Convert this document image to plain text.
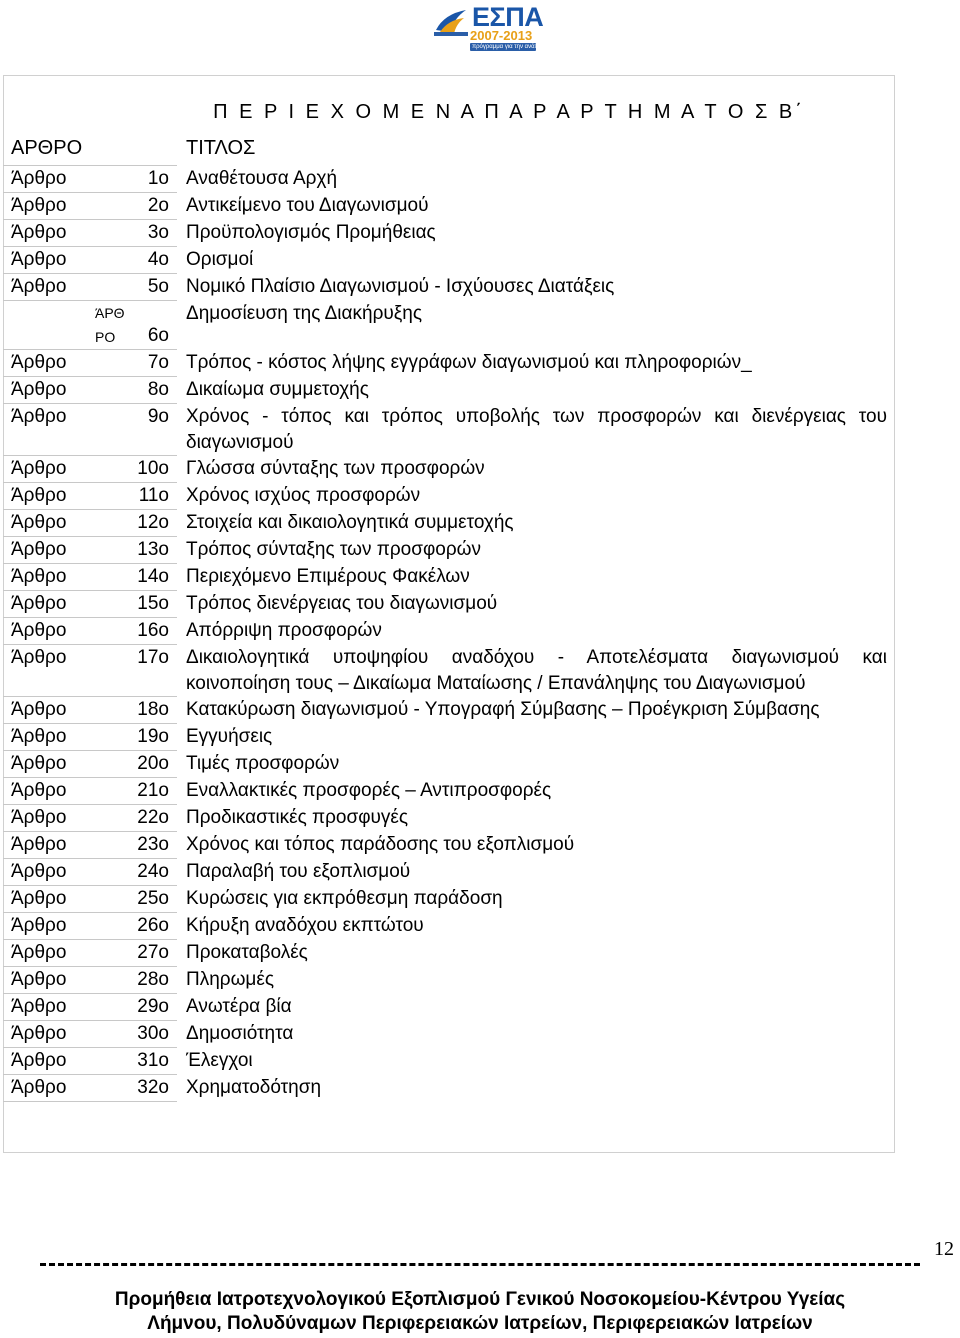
ΕΣΠΑ
2007-2013
πρόγραμμα για την ανάπτυξη
Π Ε Ρ Ι Ε Χ Ο Μ Ε Ν Α Π Α Ρ Α Ρ Τ Η Μ Α Τ Ο Σ Β΄		
ΑΡΘΡΟ		ΤΙΤΛΟΣ
Άρθρο	1ο	Αναθέτουσα Αρχή
Άρθρο	2ο	Αντικείμενο του Διαγωνισμού
Άρθρο	3ο	Προϋπολογισμός Προμήθειας
Άρθρο	4ο	Ορισμοί
Άρθρο	5ο	Νομικό Πλαίσιο Διαγωνισμού - Ισχύουσες Διατάξεις
ΆΡΘ ΡΟ	6ο	Δημοσίευση της Διακήρυξης
Άρθρο	7ο	Τρόπος - κόστος λήψης εγγράφων διαγωνισμού και πληροφοριών_
Άρθρο	8ο	Δικαίωμα συμμετοχής
Άρθρο	9ο	Χρόνος - τόπος και τρόπος υποβολής των προσφορών και διενέργειας του διαγωνισμού
Άρθρο	10ο	Γλώσσα σύνταξης των προσφορών
Άρθρο	11ο	Χρόνος ισχύος προσφορών
Άρθρο	12ο	Στοιχεία και δικαιολογητικά συμμετοχής
Άρθρο	13ο	Τρόπος σύνταξης των προσφορών
Άρθρο	14ο	Περιεχόμενο Επιμέρους Φακέλων
Άρθρο	15ο	Τρόπος διενέργειας του διαγωνισμού
Άρθρο	16ο	Απόρριψη προσφορών
Άρθρο	17ο	Δικαιολογητικά υποψηφίου αναδόχου - Αποτελέσματα διαγωνισμού και κοινοποίηση τους – Δικαίωμα Ματαίωσης / Επανάληψης του Διαγωνισμού
Άρθρο	18ο	Κατακύρωση διαγωνισμού - Υπογραφή Σύμβασης – Προέγκριση Σύμβασης
Άρθρο	19ο	Εγγυήσεις
Άρθρο	20ο	Τιμές προσφορών
Άρθρο	21ο	Εναλλακτικές προσφορές – Αντιπροσφορές
Άρθρο	22ο	Προδικαστικές προσφυγές
Άρθρο	23ο	Χρόνος και τόπος παράδοσης του εξοπλισμού
Άρθρο	24ο	Παραλαβή του εξοπλισμού
Άρθρο	25ο	Κυρώσεις για εκπρόθεσμη παράδοση
Άρθρο	26ο	Κήρυξη αναδόχου εκπτώτου
Άρθρο	27ο	Προκαταβολές
Άρθρο	28ο	Πληρωμές
Άρθρο	29ο	Ανωτέρα βία
Άρθρο	30ο	Δημοσιότητα
Άρθρο	31ο	Έλεγχοι
Άρθρο	32ο	Χρηματοδότηση
12
Προμήθεια Ιατροτεχνολογικού Εξοπλισμού Γενικού Νοσοκομείου-Κέντρου Υγείας
Λήμνου, Πολυδύναμων Περιφερειακών Ιατρείων, Περιφερειακών Ιατρείων
